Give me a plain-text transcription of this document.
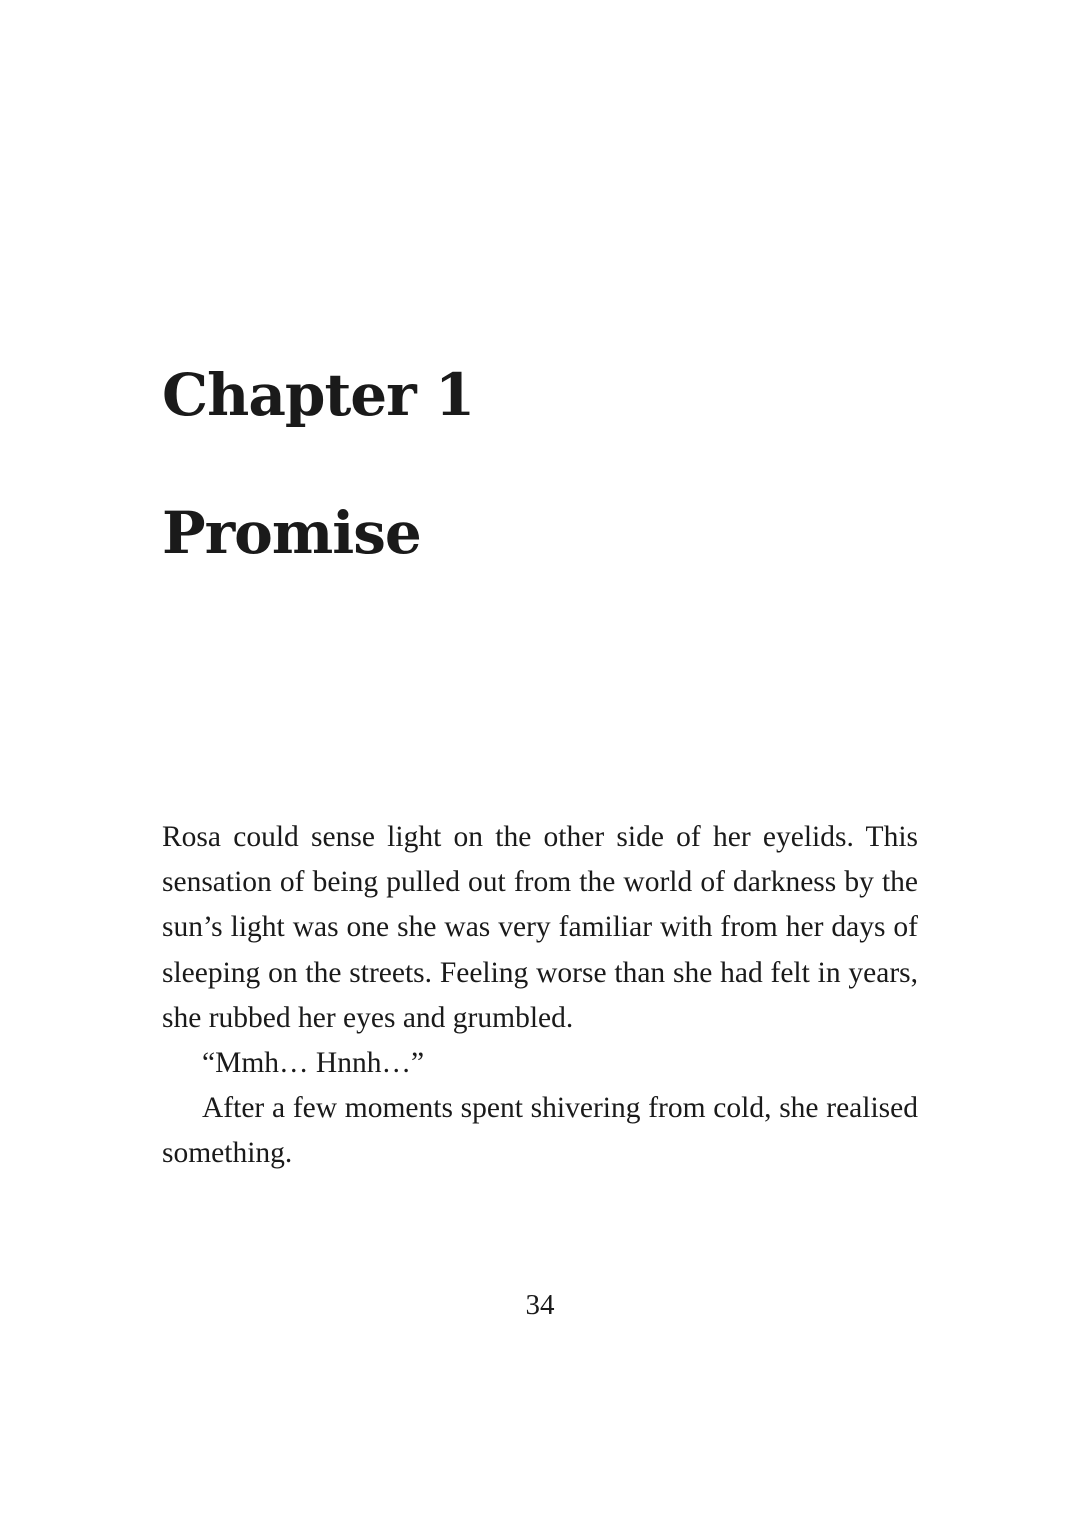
Chapter 1
Promise

Rosa could sense light on the other side of her eyelids. This sensation of being pulled out from the world of darkness by the sun’s light was one she was very familiar with from her days of sleeping on the streets. Feeling worse than she had felt in years, she rubbed her eyes and grumbled.

“Mmh… Hnnh…”

After a few moments spent shivering from cold, she realised something.

34
